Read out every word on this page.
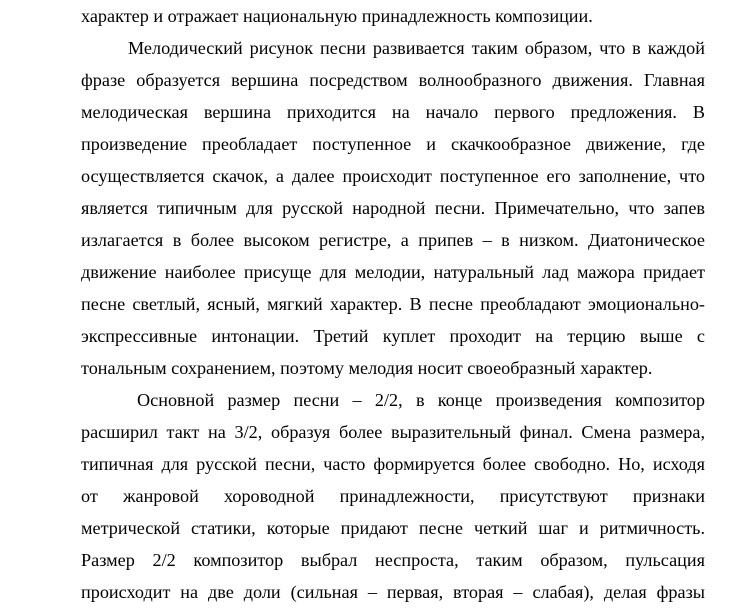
характер и отражает национальную принадлежность композиции.
Мелодический рисунок песни развивается таким образом, что в каждой
фразе образуется вершина посредством волнообразного движения. Главная
мелодическая вершина приходится на начало первого предложения. В
произведение преобладает поступенное и скачкообразное движение, где
осуществляется скачок, а далее происходит поступенное его заполнение, что
является типичным для русской народной песни. Примечательно, что запев
излагается в более высоком регистре, а припев – в низком. Диатоническое
движение наиболее присуще для мелодии, натуральный лад мажора придает
песне светлый, ясный, мягкий характер. В песне преобладают эмоционально-
экспрессивные интонации. Третий куплет проходит на терцию выше с
тональным сохранением, поэтому мелодия носит своеобразный характер.
Основной размер песни – 2/2, в конце произведения композитор
расширил такт на 3/2, образуя более выразительный финал. Смена размера,
типичная для русской песни, часто формируется более свободно. Но, исходя
от жанровой хороводной принадлежности, присутствуют признаки
метрической статики, которые придают песне четкий шаг и ритмичность.
Размер 2/2 композитор выбрал неспроста, таким образом, пульсация
происходит на две доли (сильная – первая, вторая – слабая), делая фразы
